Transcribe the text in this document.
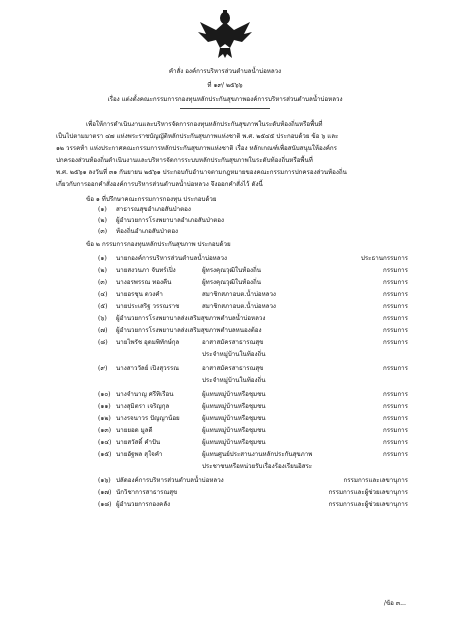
คำสั่ง องค์การบริหารส่วนตำบลน้ำบ่อหลวง
ที่ ๑๙/ ๒๕๖๖
เรื่อง แต่งตั้งคณะกรรมการกองทุนหลักประกันสุขภาพองค์การบริหารส่วนตำบลน้ำบ่อหลวง
เพื่อให้การดำเนินงานและบริหารจัดการกองทุนหลักประกันสุขภาพในระดับท้องถิ่นหรือพื้นที่
เป็นไปตามมาตรา ๔๗ แห่งพระราชบัญญัติหลักประกันสุขภาพแห่งชาติ พ.ศ. ๒๕๔๕ ประกอบด้วย ข้อ ๖ และ
๑๒ วรรคท้า แห่งประกาศคณะกรรมการหลักประกันสุขภาพแห่งชาติ เรื่อง หลักเกณฑ์เพื่อสนับสนุนให้องค์กร
ปกครองส่วนท้องถิ่นดำเนินงานและบริหารจัดการระบบหลักประกันสุขภาพในระดับท้องถิ่นหรือพื้นที่
พ.ศ. ๒๕๖๑ ลงวันที่ ๓๑ กันยายน ๒๕๖๑ ประกอบกับอำนาจตามกฎหมายของคณะกรรมการปกครองส่วนท้องถิ่น
เกี่ยวกับการออกคำสั่งองค์การบริหารส่วนตำบลน้ำบ่อหลวง จึงออกคำสั่งไว้ ดังนี้
ข้อ ๑ ที่ปรึกษาคณะกรรมการกองทุน ประกอบด้วย
(๑) สาธารณสุขอำเภอสันป่าตอง
(๒) ผู้อำนวยการโรงพยาบาลอำเภอสันป่าตอง
(๓) ท้องถิ่นอำเภอสันป่าตอง
ข้อ ๒ กรรมการกองทุนหลักประกันสุขภาพ ประกอบด้วย
(๑) นายกองค์การบริหารส่วนตำบลน้ำบ่อหลวง	ประธานกรรมการ
(๒) นายสงวนภา จันทร์เปิ่ง	ผู้ทรงคุณวุฒิในท้องถิ่น	กรรมการ
(๓) นางอรพรรณ ทองคืน	ผู้ทรงคุณวุฒิในท้องถิ่น	กรรมการ
(๔) นายอรชุน ดวงคำ	สมาชิกสภาอบต.น้ำบ่อหลวง	กรรมการ
(๕) นายประเสริฐ วรรณราช	สมาชิกสภาอบต.น้ำบ่อหลวง	กรรมการ
(๖) ผู้อำนวยการโรงพยาบาลส่งเสริมสุขภาพตำบลน้ำบ่อหลวง	กรรมการ
(๗) ผู้อำนวยการโรงพยาบาลส่งเสริมสุขภาพตำบลหนองต้อง	กรรมการ
(๘) นายไพรัช อุดมพิทักษ์กุล	อาสาสมัครสาธารณสุข	กรรมการ
ประจำหมู่บ้านในท้องถิ่น
(๙) นางสาววัลย์ เปิงสุวรรณ	อาสาสมัครสาธารณสุข	กรรมการ
ประจำหมู่บ้านในท้องถิ่น
(๑๐) นางจำนาญ ศรีทิเรือน	ผู้แทนหมู่บ้านหรือชุมชน	กรรมการ
(๑๑) นางสุมิตรา เจริญกุล	ผู้แทนหมู่บ้านหรือชุมชน	กรรมการ
(๑๒) นางรจนาวร ปัญญาน้อย	ผู้แทนหมู่บ้านหรือชุมชน	กรรมการ
(๑๓) นายยอด มูลดี	ผู้แทนหมู่บ้านหรือชุมชน	กรรมการ
(๑๔) นายสวัสดิ์ คำปัน	ผู้แทนหมู่บ้านหรือชุมชน	กรรมการ
(๑๕) นายอัฐพล สุใจคำ	ผู้แทนศูนย์ประสานงานหลักประกันสุขภาพ	กรรมการ
ประชาชนหรือหน่วยรับเรื่องร้องเรียนอิสระ
(๑๖) ปลัดองค์การบริหารส่วนตำบลน้ำบ่อหลวง	กรรมการและเลขานุการ
(๑๗) นักวิชาการสาธารณสุข	กรรมการและผู้ช่วยเลขานุการ
(๑๘) ผู้อำนวยการกองคลัง	กรรมการและผู้ช่วยเลขานุการ
/ข้อ ๓...
